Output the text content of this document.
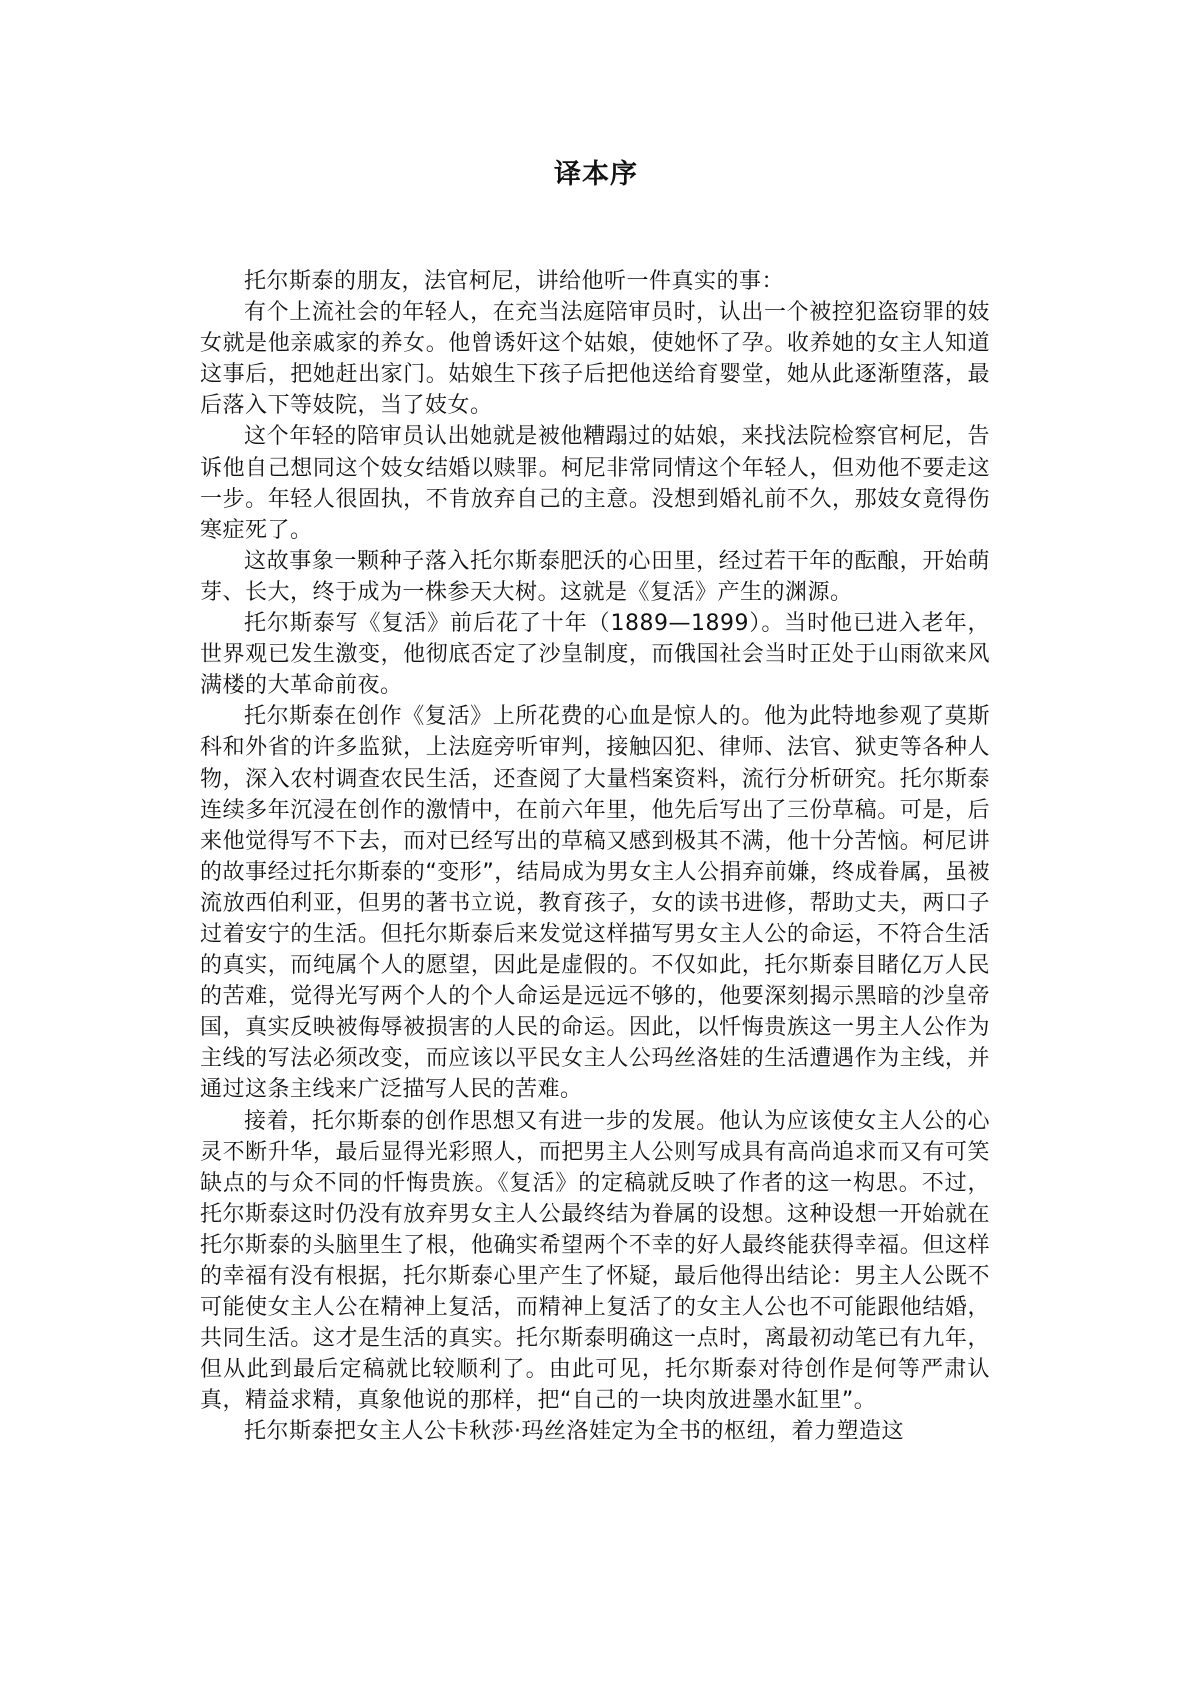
译本序

托尔斯泰的朋友，法官柯尼，讲给他听一件真实的事：

有个上流社会的年轻人，在充当法庭陪审员时，认出一个被控犯盗窃罪的妓女就是他亲戚家的养女。他曾诱奸这个姑娘，使她怀了孕。收养她的女主人知道这事后，把她赶出家门。姑娘生下孩子后把他送给育婴堂，她从此逐渐堕落，最后落入下等妓院，当了妓女。

这个年轻的陪审员认出她就是被他糟蹋过的姑娘，来找法院检察官柯尼，告诉他自己想同这个妓女结婚以赎罪。柯尼非常同情这个年轻人，但劝他不要走这一步。年轻人很固执，不肯放弃自己的主意。没想到婚礼前不久，那妓女竟得伤寒症死了。

这故事象一颗种子落入托尔斯泰肥沃的心田里，经过若干年的酝酿，开始萌芽、长大，终于成为一株参天大树。这就是《复活》产生的渊源。

托尔斯泰写《复活》前后花了十年（1889—1899）。当时他已进入老年，世界观已发生激变，他彻底否定了沙皇制度，而俄国社会当时正处于山雨欲来风满楼的大革命前夜。

托尔斯泰在创作《复活》上所花费的心血是惊人的。他为此特地参观了莫斯科和外省的许多监狱，上法庭旁听审判，接触囚犯、律师、法官、狱吏等各种人物，深入农村调查农民生活，还查阅了大量档案资料，流行分析研究。托尔斯泰连续多年沉浸在创作的激情中，在前六年里，他先后写出了三份草稿。可是，后来他觉得写不下去，而对已经写出的草稿又感到极其不满，他十分苦恼。柯尼讲的故事经过托尔斯泰的“变形”，结局成为男女主人公捐弃前嫌，终成眷属，虽被流放西伯利亚，但男的著书立说，教育孩子，女的读书进修，帮助丈夫，两口子过着安宁的生活。但托尔斯泰后来发觉这样描写男女主人公的命运，不符合生活的真实，而纯属个人的愿望，因此是虚假的。不仅如此，托尔斯泰目睹亿万人民的苦难，觉得光写两个人的个人命运是远远不够的，他要深刻揭示黑暗的沙皇帝国，真实反映被侮辱被损害的人民的命运。因此，以忏悔贵族这一男主人公作为主线的写法必须改变，而应该以平民女主人公玛丝洛娃的生活遭遇作为主线，并通过这条主线来广泛描写人民的苦难。

接着，托尔斯泰的创作思想又有进一步的发展。他认为应该使女主人公的心灵不断升华，最后显得光彩照人，而把男主人公则写成具有高尚追求而又有可笑缺点的与众不同的忏悔贵族。《复活》的定稿就反映了作者的这一构思。不过，托尔斯泰这时仍没有放弃男女主人公最终结为眷属的设想。这种设想一开始就在托尔斯泰的头脑里生了根，他确实希望两个不幸的好人最终能获得幸福。但这样的幸福有没有根据，托尔斯泰心里产生了怀疑，最后他得出结论：男主人公既不可能使女主人公在精神上复活，而精神上复活了的女主人公也不可能跟他结婚，共同生活。这才是生活的真实。托尔斯泰明确这一点时，离最初动笔已有九年，但从此到最后定稿就比较顺利了。由此可见，托尔斯泰对待创作是何等严肃认真，精益求精，真象他说的那样，把“自己的一块肉放进墨水缸里”。

托尔斯泰把女主人公卡秋莎·玛丝洛娃定为全书的枢纽，着力塑造这
